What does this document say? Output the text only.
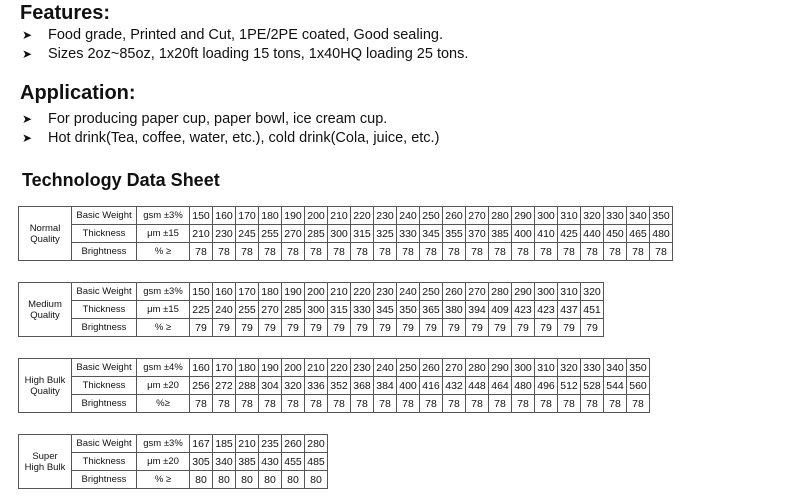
Features:
➤ Food grade, Printed and Cut, 1PE/2PE coated, Good sealing.
➤ Sizes 2oz~85oz, 1x20ft loading 15 tons, 1x40HQ loading 25 tons.
Application:
➤ For producing paper cup, paper bowl, ice cream cup.
➤ Hot drink(Tea, coffee, water, etc.), cold drink(Cola, juice, etc.)
Technology Data Sheet
Normal
Quality	Basic Weight	gsm ±3%	150	160	170	180	190	200	210	220	230	240	250	260	270	280	290	300	310	320	330	340	350
	Thickness	μm ±15	210	230	245	255	270	285	300	315	325	330	345	355	370	385	400	410	425	440	450	465	480
	Brightness	% ≥	78	78	78	78	78	78	78	78	78	78	78	78	78	78	78	78	78	78	78	78	78
Medium
Quality	Basic Weight	gsm ±3%	150	160	170	180	190	200	210	220	230	240	250	260	270	280	290	300	310	320
	Thickness	μm ±15	225	240	255	270	285	300	315	330	345	350	365	380	394	409	423	423	437	451
	Brightness	% ≥	79	79	79	79	79	79	79	79	79	79	79	79	79	79	79	79	79	79
High Bulk
Quality	Basic Weight	gsm ±4%	160	170	180	190	200	210	220	230	240	250	260	270	280	290	300	310	320	330	340	350
	Thickness	μm ±20	256	272	288	304	320	336	352	368	384	400	416	432	448	464	480	496	512	528	544	560
	Brightness	%≥	78	78	78	78	78	78	78	78	78	78	78	78	78	78	78	78	78	78	78	78
Super
High Bulk	Basic Weight	gsm ±3%	167	185	210	235	260	280
	Thickness	μm ±20	305	340	385	430	455	485
	Brightness	% ≥	80	80	80	80	80	80
